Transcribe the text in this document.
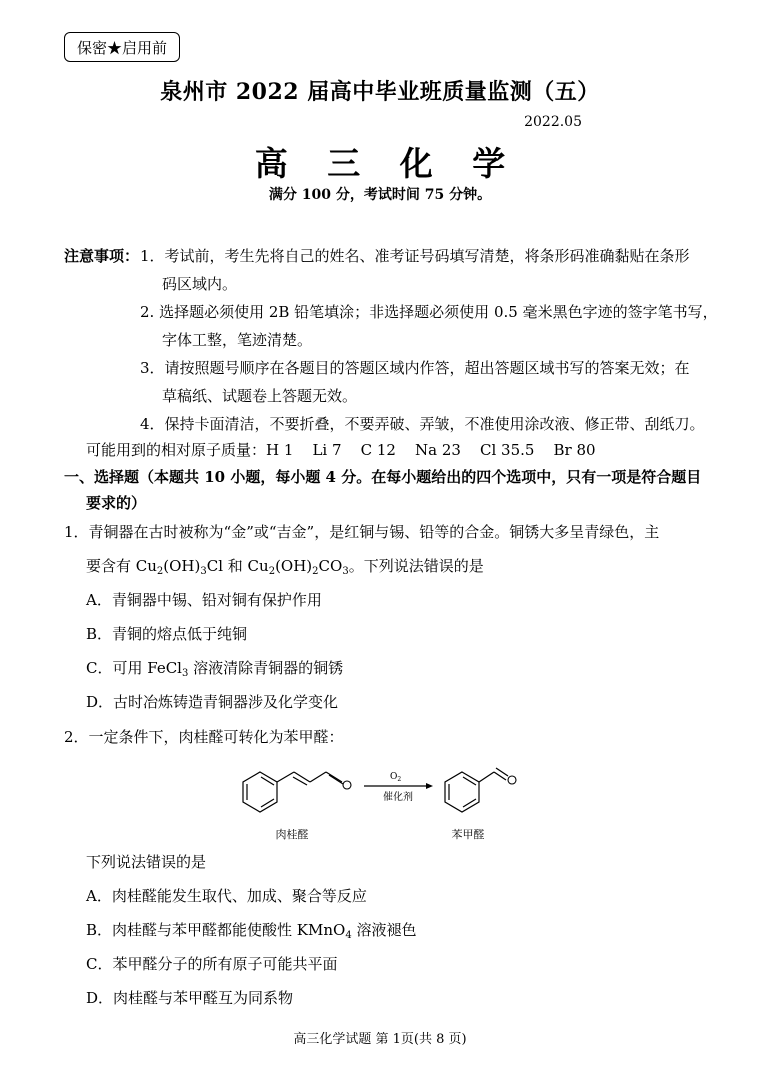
保密★启用前
泉州市 2022 届高中毕业班质量监测（五）
2022.05
高 三 化 学
满分 100 分，考试时间 75 分钟。
注意事项： 1．考试前，考生先将自己的姓名、准考证号码填写清楚，将条形码准确黏贴在条形
码区域内。
2. 选择题必须使用 2B 铅笔填涂；非选择题必须使用 0.5 毫米黑色字迹的签字笔书写，
字体工整，笔迹清楚。
3．请按照题号顺序在各题目的答题区域内作答，超出答题区域书写的答案无效；在
草稿纸、试题卷上答题无效。
4．保持卡面清洁，不要折叠，不要弄破、弄皱，不准使用涂改液、修正带、刮纸刀。
可能用到的相对原子质量：H 1    Li 7    C 12    Na 23    Cl 35.5    Br 80
一、选择题（本题共 10 小题，每小题 4 分。在每小题给出的四个选项中，只有一项是符合题目
要求的）
1．青铜器在古时被称为“金”或“吉金”，是红铜与锡、铅等的合金。铜锈大多呈青绿色，主
要含有 $Cu_2(OH)_3Cl$ 和 $Cu_2(OH)_2CO_3$。下列说法错误的是
A．青铜器中锡、铅对铜有保护作用
B．青铜的熔点低于纯铜
C．可用 FeCl$_3$ 溶液清除青铜器的铜锈
D．古时冶炼铸造青铜器涉及化学变化
2．一定条件下，肉桂醛可转化为苯甲醛：
$O_2$
催化剂
肉桂醛	苯甲醛
下列说法错误的是
A．肉桂醛能发生取代、加成、聚合等反应
B．肉桂醛与苯甲醛都能使酸性 KMnO$_4$ 溶液褪色
C．苯甲醛分子的所有原子可能共平面
D．肉桂醛与苯甲醛互为同系物
高三化学试题 第 1页(共 8 页)
